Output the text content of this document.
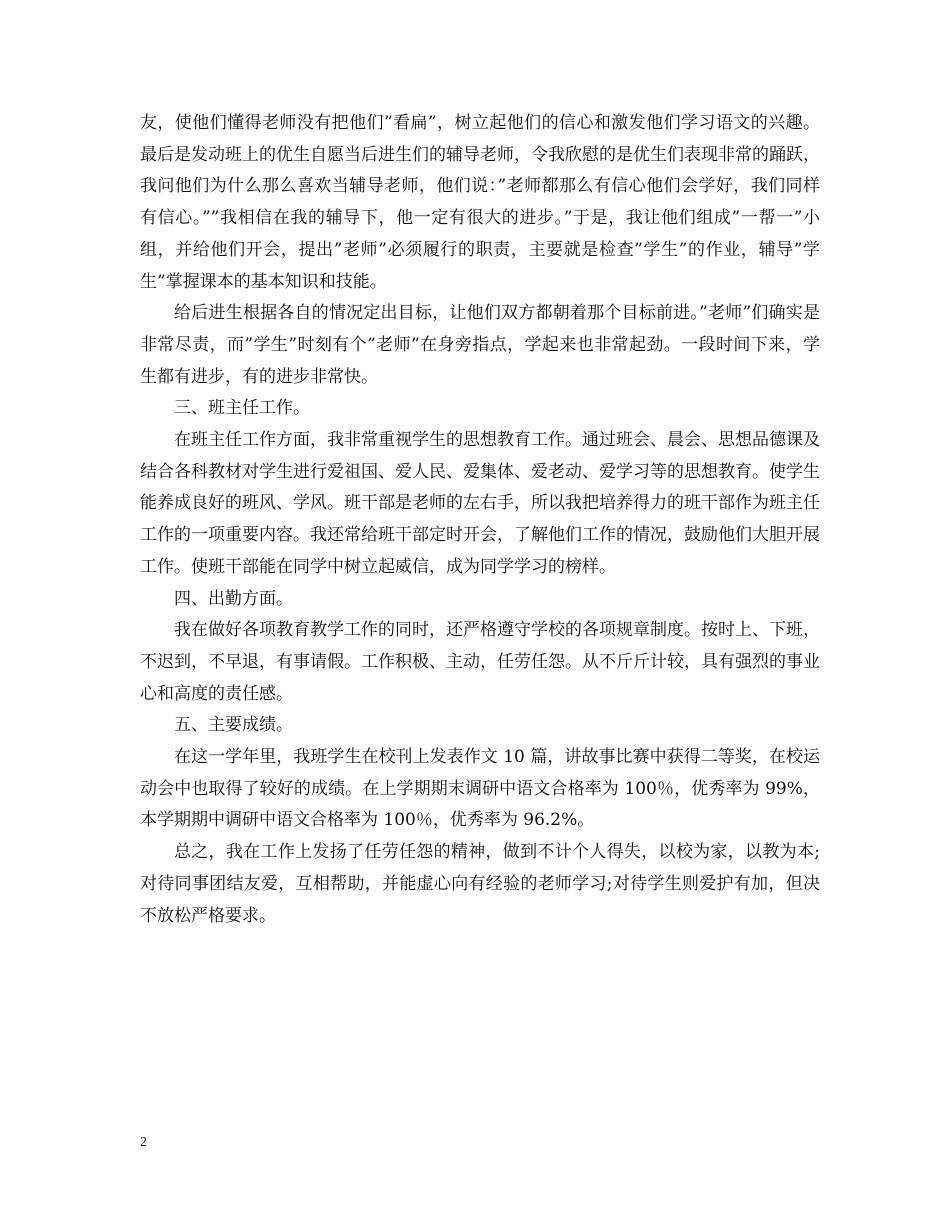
友，使他们懂得老师没有把他们”看扁”，树立起他们的信心和激发他们学习语文的兴趣。最后是发动班上的优生自愿当后进生们的辅导老师，令我欣慰的是优生们表现非常的踊跃，我问他们为什么那么喜欢当辅导老师，他们说：”老师都那么有信心他们会学好，我们同样有信心。””我相信在我的辅导下，他一定有很大的进步。”于是，我让他们组成”一帮一”小组，并给他们开会，提出”老师”必须履行的职责，主要就是检查”学生”的作业，辅导”学生”掌握课本的基本知识和技能。

给后进生根据各自的情况定出目标，让他们双方都朝着那个目标前进。”老师”们确实是非常尽责，而”学生”时刻有个”老师”在身旁指点，学起来也非常起劲。一段时间下来，学生都有进步，有的进步非常快。

三、班主任工作。

在班主任工作方面，我非常重视学生的思想教育工作。通过班会、晨会、思想品德课及结合各科教材对学生进行爱祖国、爱人民、爱集体、爱老动、爱学习等的思想教育。使学生能养成良好的班风、学风。班干部是老师的左右手，所以我把培养得力的班干部作为班主任工作的一项重要内容。我还常给班干部定时开会，了解他们工作的情况，鼓励他们大胆开展工作。使班干部能在同学中树立起威信，成为同学学习的榜样。

四、出勤方面。

我在做好各项教育教学工作的同时，还严格遵守学校的各项规章制度。按时上、下班，不迟到，不早退，有事请假。工作积极、主动，任劳任怨。从不斤斤计较，具有强烈的事业心和高度的责任感。

五、主要成绩。

在这一学年里，我班学生在校刊上发表作文 10 篇，讲故事比赛中获得二等奖，在校运动会中也取得了较好的成绩。在上学期期末调研中语文合格率为 100％，优秀率为 99%，本学期期中调研中语文合格率为 100％，优秀率为 96.2%。

总之，我在工作上发扬了任劳任怨的精神，做到不计个人得失，以校为家，以教为本;对待同事团结友爱，互相帮助，并能虚心向有经验的老师学习;对待学生则爱护有加，但决不放松严格要求。

2
